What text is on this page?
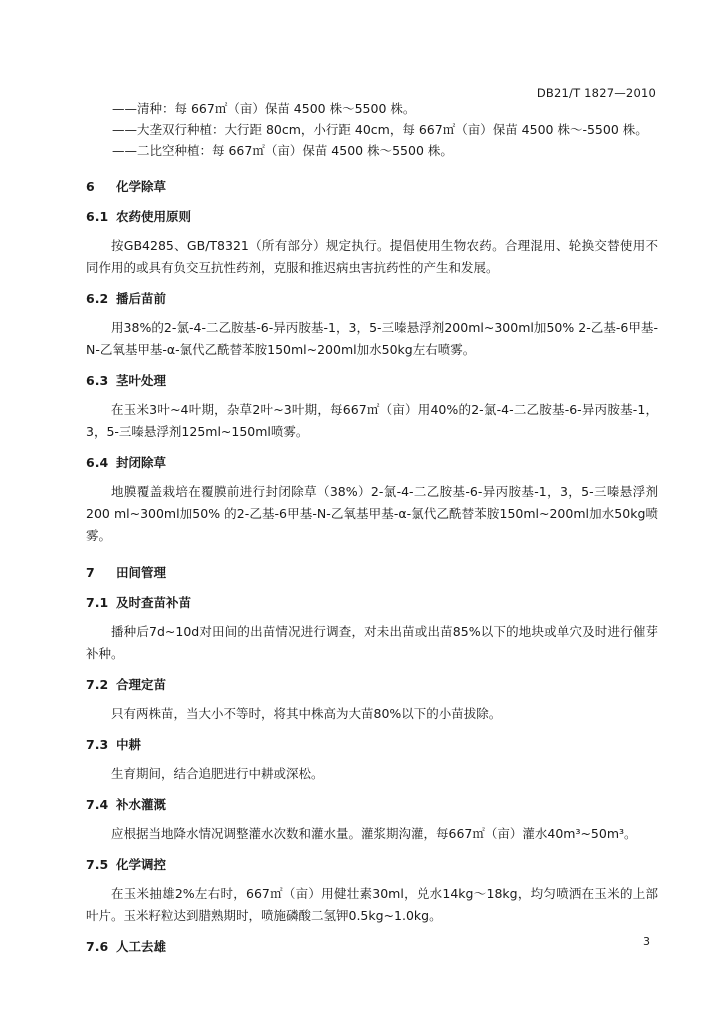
DB21/T 1827—2010
——清种：每 667㎡（亩）保苗 4500 株～5500 株。
——大垄双行种植：大行距 80cm，小行距 40cm，每 667㎡（亩）保苗 4500 株～-5500 株。
——二比空种植：每 667㎡（亩）保苗 4500 株～5500 株。
6 化学除草
6.1 农药使用原则
按GB4285、GB/T8321（所有部分）规定执行。提倡使用生物农药。合理混用、轮换交替使用不同作用的或具有负交互抗性药剂，克服和推迟病虫害抗药性的产生和发展。
6.2 播后苗前
用38%的2-氯-4-二乙胺基-6-异丙胺基-1，3，5-三嗪悬浮剂200ml~300ml加50% 2-乙基-6甲基-N-乙氧基甲基-α-氯代乙酰替苯胺150ml~200ml加水50kg左右喷雾。
6.3 茎叶处理
在玉米3叶~4叶期，杂草2叶~3叶期，每667㎡（亩）用40%的2-氯-4-二乙胺基-6-异丙胺基-1，3，5-三嗪悬浮剂125ml~150ml喷雾。
6.4 封闭除草
地膜覆盖栽培在覆膜前进行封闭除草（38%）2-氯-4-二乙胺基-6-异丙胺基-1，3，5-三嗪悬浮剂200 ml~300ml加50% 的2-乙基-6甲基-N-乙氧基甲基-α-氯代乙酰替苯胺150ml~200ml加水50kg喷雾。
7 田间管理
7.1 及时查苗补苗
播种后7d~10d对田间的出苗情况进行调查，对未出苗或出苗85%以下的地块或单穴及时进行催芽补种。
7.2 合理定苗
只有两株苗，当大小不等时，将其中株高为大苗80%以下的小苗拔除。
7.3 中耕
生育期间，结合追肥进行中耕或深松。
7.4 补水灌溉
应根据当地降水情况调整灌水次数和灌水量。灌浆期沟灌，每667㎡（亩）灌水40m³~50m³。
7.5 化学调控
在玉米抽雄2%左右时，667㎡（亩）用健壮素30ml，兑水14kg～18kg，均匀喷洒在玉米的上部叶片。玉米籽粒达到腊熟期时，喷施磷酸二氢钾0.5kg~1.0kg。
7.6 人工去雄	3
